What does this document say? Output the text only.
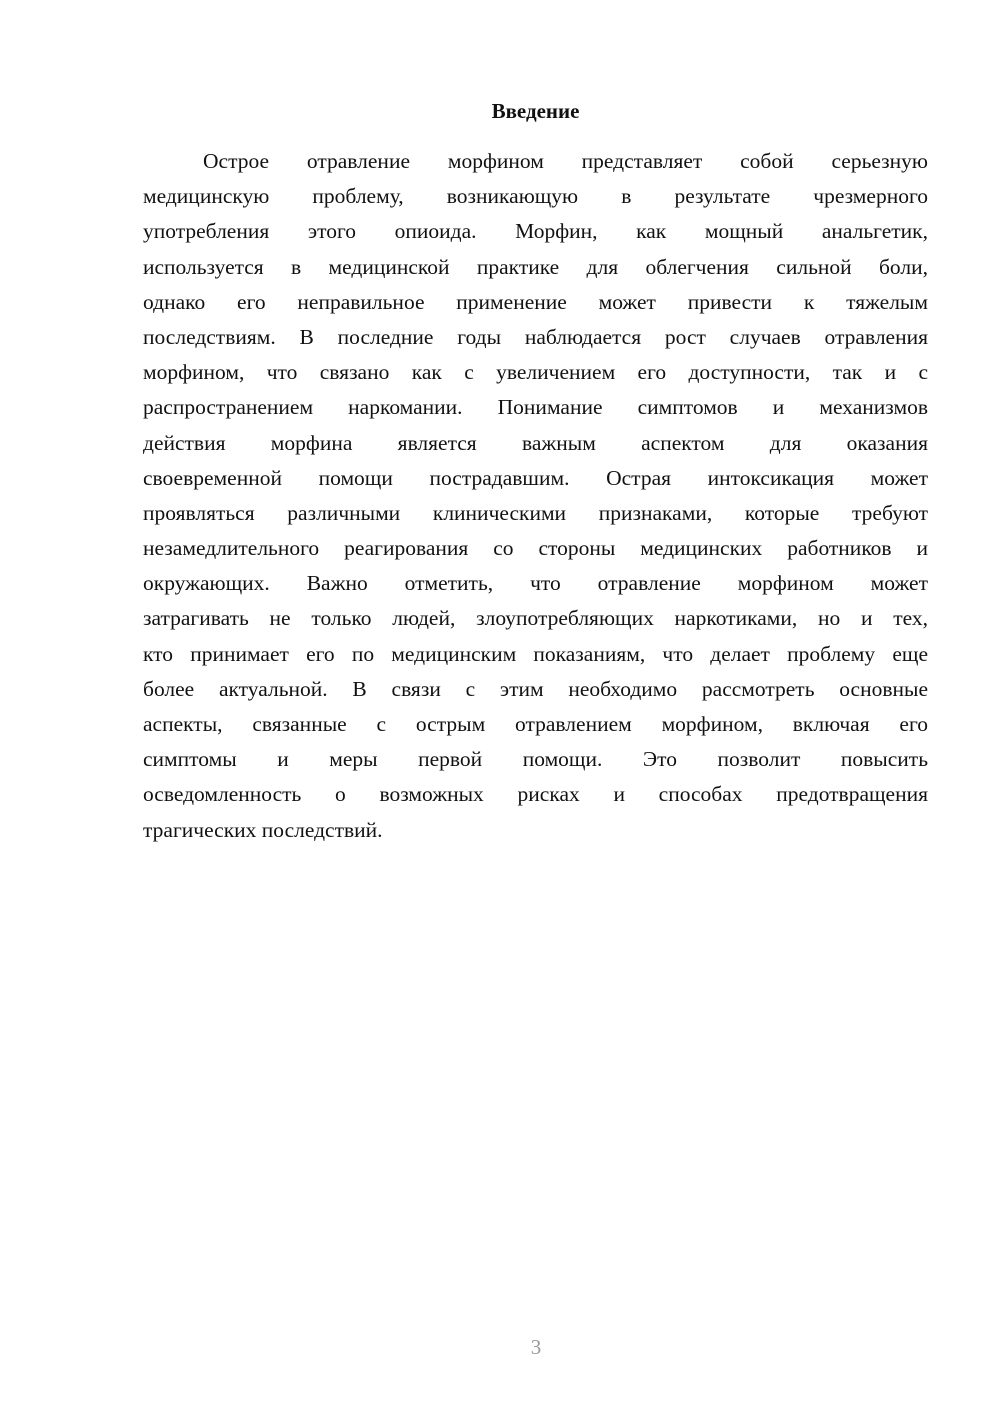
Введение
Острое отравление морфином представляет собой серьезную
медицинскую проблему, возникающую в результате чрезмерного
употребления этого опиоида. Морфин, как мощный анальгетик,
используется в медицинской практике для облегчения сильной боли,
однако его неправильное применение может привести к тяжелым
последствиям. В последние годы наблюдается рост случаев отравления
морфином, что связано как с увеличением его доступности, так и с
распространением наркомании. Понимание симптомов и механизмов
действия морфина является важным аспектом для оказания
своевременной помощи пострадавшим. Острая интоксикация может
проявляться различными клиническими признаками, которые требуют
незамедлительного реагирования со стороны медицинских работников и
окружающих. Важно отметить, что отравление морфином может
затрагивать не только людей, злоупотребляющих наркотиками, но и тех,
кто принимает его по медицинским показаниям, что делает проблему еще
более актуальной. В связи с этим необходимо рассмотреть основные
аспекты, связанные с острым отравлением морфином, включая его
симптомы и меры первой помощи. Это позволит повысить
осведомленность о возможных рисках и способах предотвращения
трагических последствий.
3
